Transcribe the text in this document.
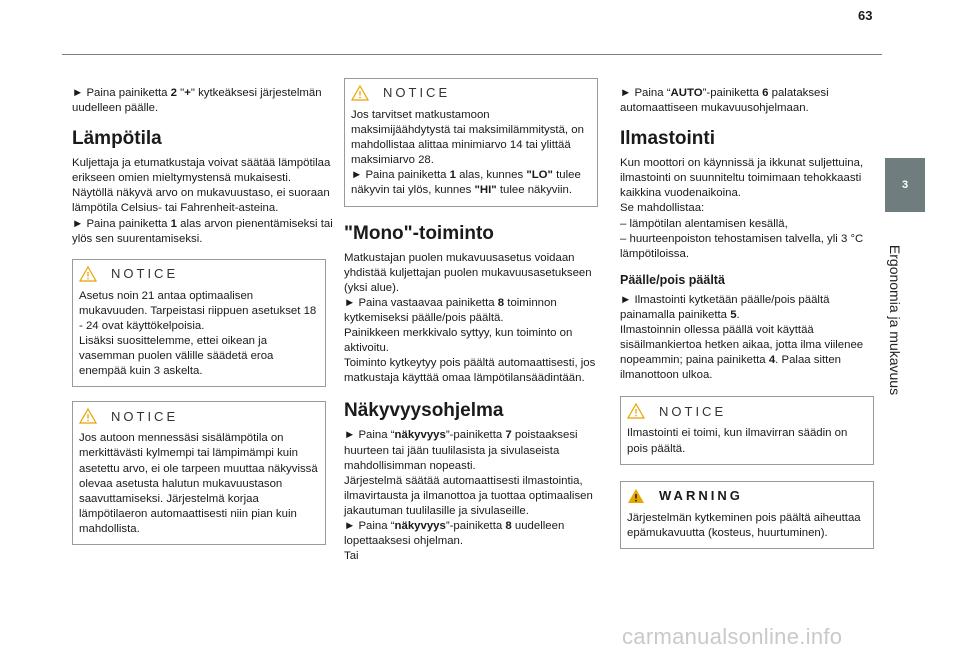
63
3
Ergonomia ja mukavuus

► Paina painiketta 2 "+" kytkeäksesi järjestelmän uudelleen päälle.

Lämpötila

Kuljettaja ja etumatkustaja voivat säätää lämpötilaa erikseen omien mieltymystensä mukaisesti.

Näytöllä näkyvä arvo on mukavuustaso, ei suoraan lämpötila Celsius- tai Fahrenheit-asteina.

► Paina painiketta 1 alas arvon pienentämiseksi tai ylös sen suurentamiseksi.

NOTICE

Asetus noin 21 antaa optimaalisen mukavuuden. Tarpeistasi riippuen asetukset 18 - 24 ovat käyttökelpoisia.

Lisäksi suosittelemme, ettei oikean ja vasemman puolen välille säädetä eroa enempää kuin 3 askelta.

NOTICE

Jos autoon mennessäsi sisälämpötila on merkittävästi kylmempi tai lämpimämpi kuin asetettu arvo, ei ole tarpeen muuttaa näkyvissä olevaa asetusta halutun mukavuustason saavuttamiseksi. Järjestelmä korjaa lämpötilaeron automaattisesti niin pian kuin mahdollista.

NOTICE

Jos tarvitset matkustamoon maksimijäähdytystä tai maksimilämmitystä, on mahdollistaa alittaa minimiarvo 14 tai ylittää maksimiarvo 28.

► Paina painiketta 1 alas, kunnes "LO" tulee näkyvin tai ylös, kunnes "HI" tulee näkyviin.

"Mono"-toiminto

Matkustajan puolen mukavuusasetus voidaan yhdistää kuljettajan puolen mukavuusasetukseen (yksi alue).

► Paina vastaavaa painiketta 8 toiminnon kytkemiseksi päälle/pois päältä.

Painikkeen merkkivalo syttyy, kun toiminto on aktivoitu.

Toiminto kytkeytyy pois päältä automaattisesti, jos matkustaja käyttää omaa lämpötilansäädintään.

Näkyvyysohjelma

► Paina “näkyvyys”-painiketta 7 poistaaksesi huurteen tai jään tuulilasista ja sivulaseista mahdollisimman nopeasti.

Järjestelmä säätää automaattisesti ilmastointia, ilmavirtausta ja ilmanottoa ja tuottaa optimaalisen jakautuman tuulilasille ja sivulaseille.

► Paina “näkyvyys”-painiketta 8 uudelleen lopettaaksesi ohjelman.

Tai

► Paina “AUTO”-painiketta 6 palataksesi automaattiseen mukavuusohjelmaan.

Ilmastointi

Kun moottori on käynnissä ja ikkunat suljettuina, ilmastointi on suunniteltu toimimaan tehokkaasti kaikkina vuodenaikoina.

Se mahdollistaa:

– lämpötilan alentamisen kesällä,

– huurteenpoiston tehostamisen talvella, yli 3 °C lämpötiloissa.

Päälle/pois päältä

► Ilmastointi kytketään päälle/pois päältä painamalla painiketta 5.

Ilmastoinnin ollessa päällä voit käyttää sisäilmankiertoa hetken aikaa, jotta ilma viilenee nopeammin; paina painiketta 4. Palaa sitten ilmanottoon ulkoa.

NOTICE

Ilmastointi ei toimi, kun ilmavirran säädin on pois päältä.

WARNING

Järjestelmän kytkeminen pois päältä aiheuttaa epämukavuutta (kosteus, huurtuminen).

carmanualsonline.info
